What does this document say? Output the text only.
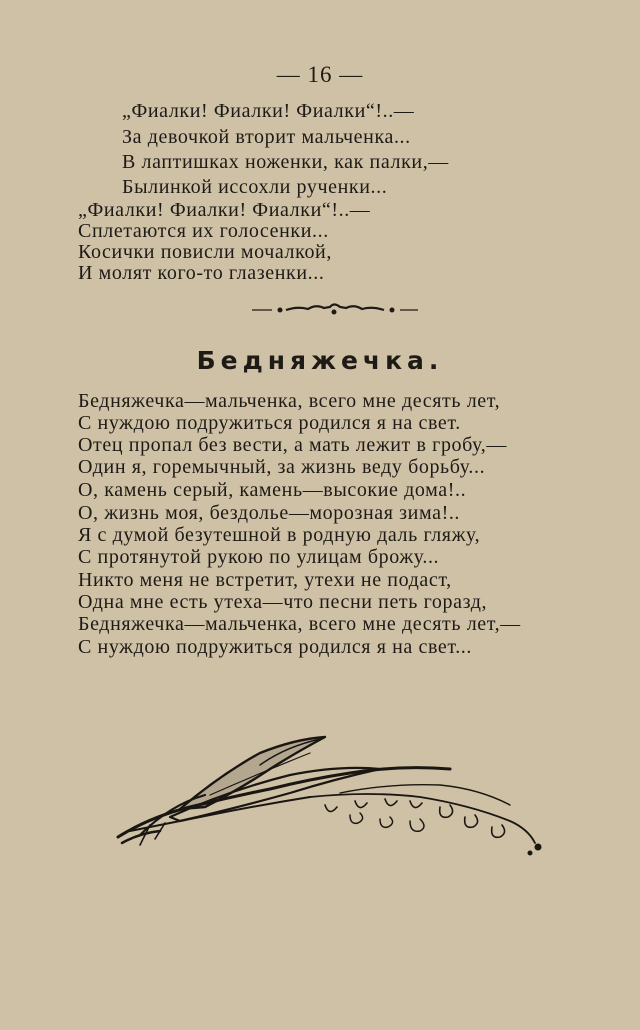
— 16 —
„Фиалки! Фиалки! Фиалки“!..—
За девочкой вторит мальченка...
В лаптишках ноженки, как палки,—
Былинкой иссохли рученки...
„Фиалки! Фиалки! Фиалки“!..—
Сплетаются их голосенки...
Косички повисли мочалкой,
И молят кого-то глазенки...
Бедняжечка.
Бедняжечка—мальченка, всего мне десять лет,
С нуждою подружиться родился я на свет.
Отец пропал без вести, а мать лежит в гробу,—
Один я, горемычный, за жизнь веду борьбу...
О, камень серый, камень—высокие дома!..
О, жизнь моя, бездолье—морозная зима!..
Я с думой безутешной в родную даль гляжу,
С протянутой рукою по улицам брожу...
Никто меня не встретит, утехи не подаст,
Одна мне есть утеха—что песни петь горазд,
Бедняжечка—мальченка, всего мне десять лет,—
С нуждою подружиться родился я на свет...
